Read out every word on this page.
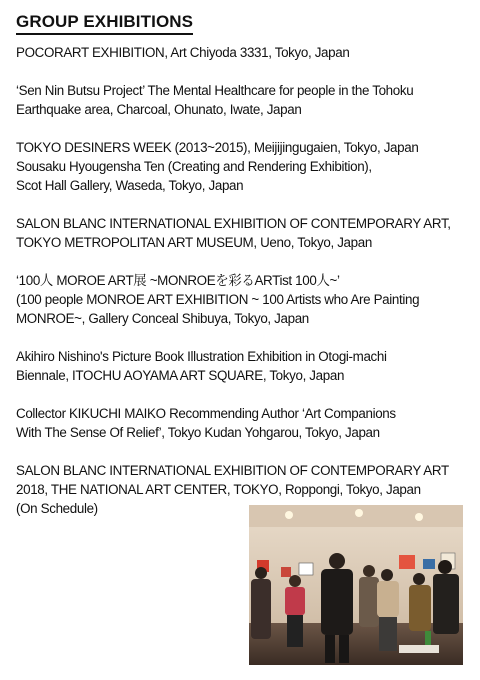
GROUP EXHIBITIONS
POCORART EXHIBITION, Art Chiyoda 3331, Tokyo, Japan
‘Sen Nin Butsu Project’ The Mental Healthcare for people in the Tohoku
Earthquake area, Charcoal, Ohunato, Iwate, Japan
TOKYO DESINERS WEEK (2013~2015), Meijijingugaien, Tokyo, Japan
Sousaku Hyougensha Ten (Creating and Rendering Exhibition),
Scot Hall Gallery, Waseda, Tokyo, Japan
SALON BLANC INTERNATIONAL EXHIBITION OF CONTEMPORARY ART,
TOKYO METROPOLITAN ART MUSEUM, Ueno, Tokyo, Japan
‘100人 MOROE ART展 ~MONROEを彩るARTist 100人~’
(100 people MONROE ART EXHIBITION ~ 100 Artists who Are Painting
MONROE~, Gallery Conceal Shibuya, Tokyo, Japan
Akihiro Nishino's Picture Book Illustration Exhibition in Otogi-machi
Biennale, ITOCHU AOYAMA ART SQUARE, Tokyo, Japan
Collector KIKUCHI MAIKO Recommending Author ‘Art Companions
With The Sense Of Relief’, Tokyo Kudan Yohgarou, Tokyo, Japan
SALON BLANC INTERNATIONAL EXHIBITION OF CONTEMPORARY ART
2018, THE NATIONAL ART CENTER, TOKYO, Roppongi, Tokyo, Japan
(On Schedule)
